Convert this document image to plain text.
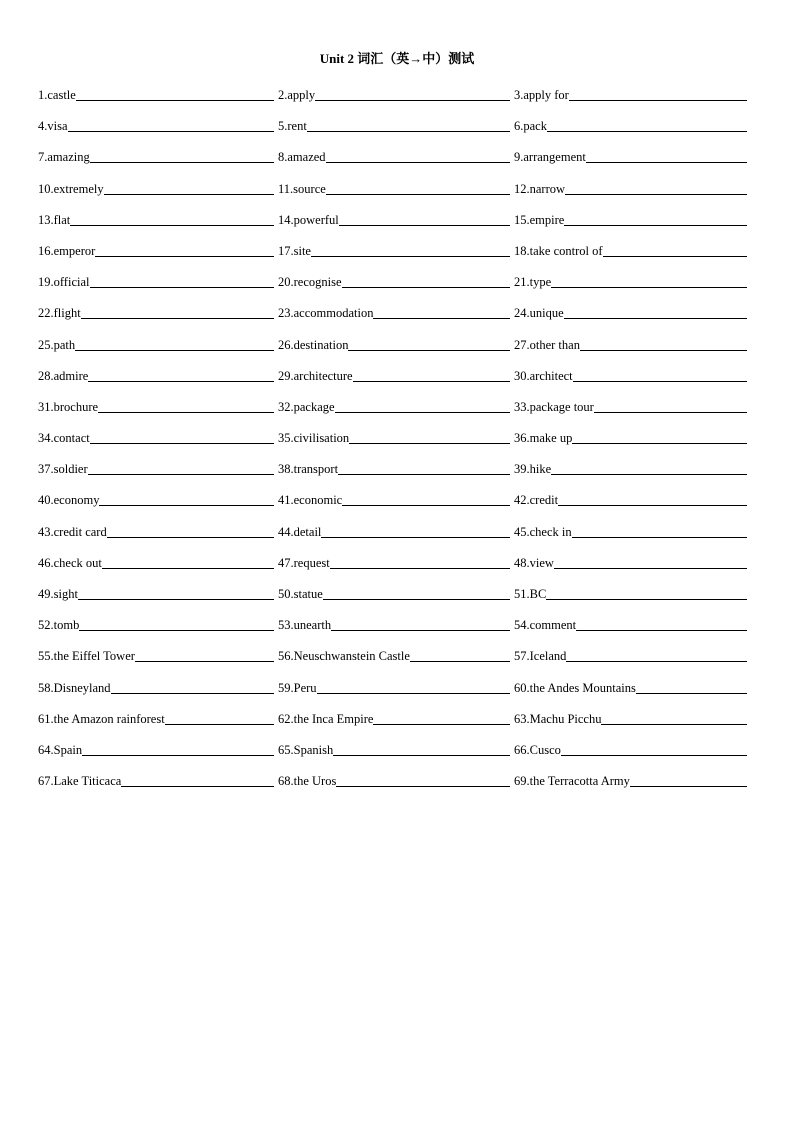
Unit 2 词汇（英→中）测试
1.castle	2.apply	3.apply for
4.visa	5.rent	6.pack
7.amazing	8.amazed	9.arrangement
10.extremely	11.source	12.narrow
13.flat	14.powerful	15.empire
16.emperor	17.site	18.take control of
19.official	20.recognise	21.type
22.flight	23.accommodation	24.unique
25.path	26.destination	27.other than
28.admire	29.architecture	30.architect
31.brochure	32.package	33.package tour
34.contact	35.civilisation	36.make up
37.soldier	38.transport	39.hike
40.economy	41.economic	42.credit
43.credit card	44.detail	45.check in
46.check out	47.request	48.view
49.sight	50.statue	51.BC
52.tomb	53.unearth	54.comment
55.the Eiffel Tower	56.Neuschwanstein Castle	57.Iceland
58.Disneyland	59.Peru	60.the Andes Mountains
61.the Amazon rainforest	62.the Inca Empire	63.Machu Picchu
64.Spain	65.Spanish	66.Cusco
67.Lake Titicaca	68.the Uros	69.the Terracotta Army
